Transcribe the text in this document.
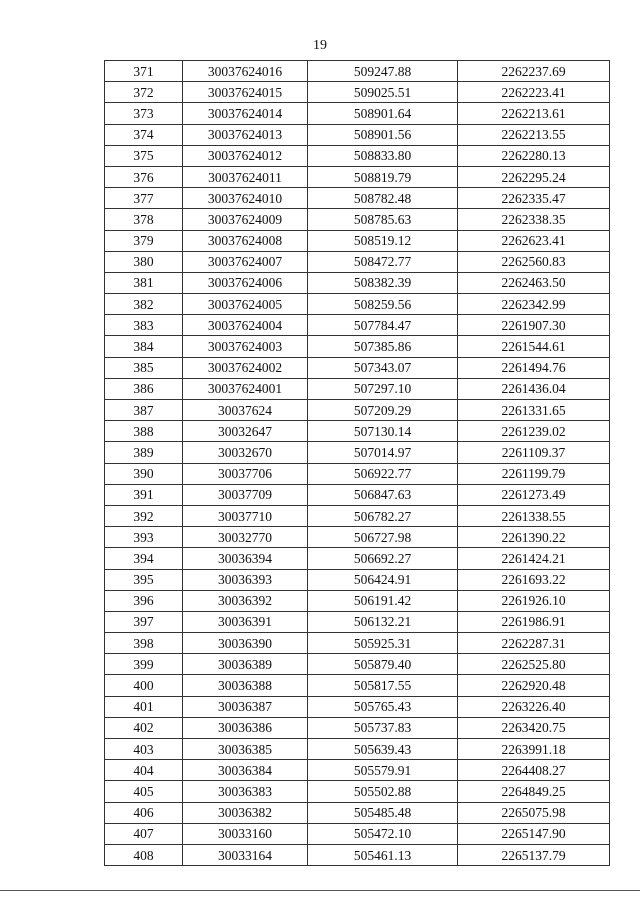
19
371	30037624016	509247.88	2262237.69
372	30037624015	509025.51	2262223.41
373	30037624014	508901.64	2262213.61
374	30037624013	508901.56	2262213.55
375	30037624012	508833.80	2262280.13
376	30037624011	508819.79	2262295.24
377	30037624010	508782.48	2262335.47
378	30037624009	508785.63	2262338.35
379	30037624008	508519.12	2262623.41
380	30037624007	508472.77	2262560.83
381	30037624006	508382.39	2262463.50
382	30037624005	508259.56	2262342.99
383	30037624004	507784.47	2261907.30
384	30037624003	507385.86	2261544.61
385	30037624002	507343.07	2261494.76
386	30037624001	507297.10	2261436.04
387	30037624	507209.29	2261331.65
388	30032647	507130.14	2261239.02
389	30032670	507014.97	2261109.37
390	30037706	506922.77	2261199.79
391	30037709	506847.63	2261273.49
392	30037710	506782.27	2261338.55
393	30032770	506727.98	2261390.22
394	30036394	506692.27	2261424.21
395	30036393	506424.91	2261693.22
396	30036392	506191.42	2261926.10
397	30036391	506132.21	2261986.91
398	30036390	505925.31	2262287.31
399	30036389	505879.40	2262525.80
400	30036388	505817.55	2262920.48
401	30036387	505765.43	2263226.40
402	30036386	505737.83	2263420.75
403	30036385	505639.43	2263991.18
404	30036384	505579.91	2264408.27
405	30036383	505502.88	2264849.25
406	30036382	505485.48	2265075.98
407	30033160	505472.10	2265147.90
408	30033164	505461.13	2265137.79
